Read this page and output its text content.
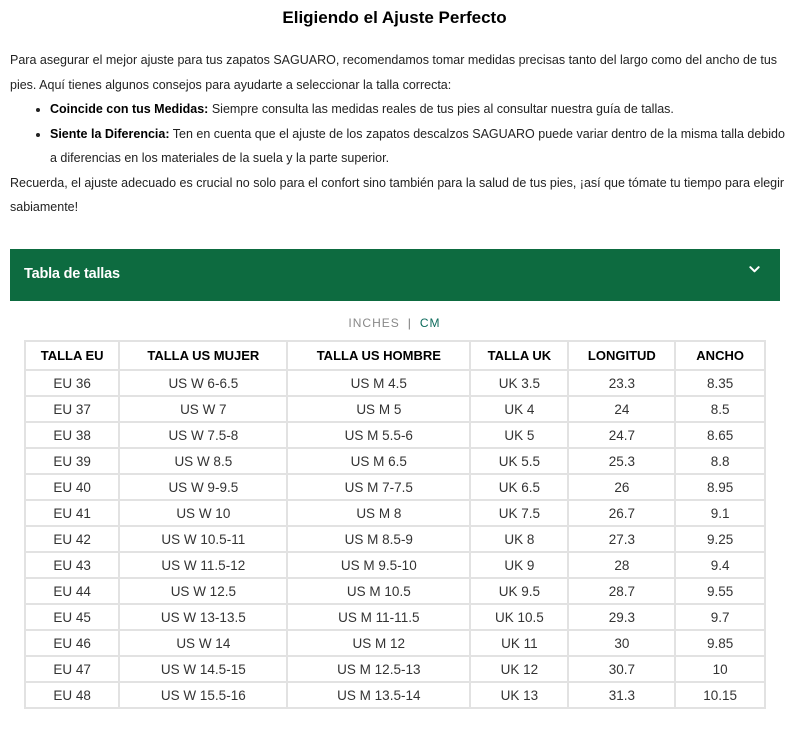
Eligiendo el Ajuste Perfecto

Para asegurar el mejor ajuste para tus zapatos SAGUARO, recomendamos tomar medidas precisas tanto del largo como del ancho de tus pies. Aquí tienes algunos consejos para ayudarte a seleccionar la talla correcta:

• Coincide con tus Medidas: Siempre consulta las medidas reales de tus pies al consultar nuestra guía de tallas.
• Siente la Diferencia: Ten en cuenta que el ajuste de los zapatos descalzos SAGUARO puede variar dentro de la misma talla debido a diferencias en los materiales de la suela y la parte superior.

Recuerda, el ajuste adecuado es crucial no solo para el confort sino también para la salud de tus pies, ¡así que tómate tu tiempo para elegir sabiamente!

Tabla de tallas
INCHES | CM
TALLA EU	TALLA US MUJER	TALLA US HOMBRE	TALLA UK	LONGITUD	ANCHO
EU 36	US W 6-6.5	US M 4.5	UK 3.5	23.3	8.35
EU 37	US W 7	US M 5	UK 4	24	8.5
EU 38	US W 7.5-8	US M 5.5-6	UK 5	24.7	8.65
EU 39	US W 8.5	US M 6.5	UK 5.5	25.3	8.8
EU 40	US W 9-9.5	US M 7-7.5	UK 6.5	26	8.95
EU 41	US W 10	US M 8	UK 7.5	26.7	9.1
EU 42	US W 10.5-11	US M 8.5-9	UK 8	27.3	9.25
EU 43	US W 11.5-12	US M 9.5-10	UK 9	28	9.4
EU 44	US W 12.5	US M 10.5	UK 9.5	28.7	9.55
EU 45	US W 13-13.5	US M 11-11.5	UK 10.5	29.3	9.7
EU 46	US W 14	US M 12	UK 11	30	9.85
EU 47	US W 14.5-15	US M 12.5-13	UK 12	30.7	10
EU 48	US W 15.5-16	US M 13.5-14	UK 13	31.3	10.15
